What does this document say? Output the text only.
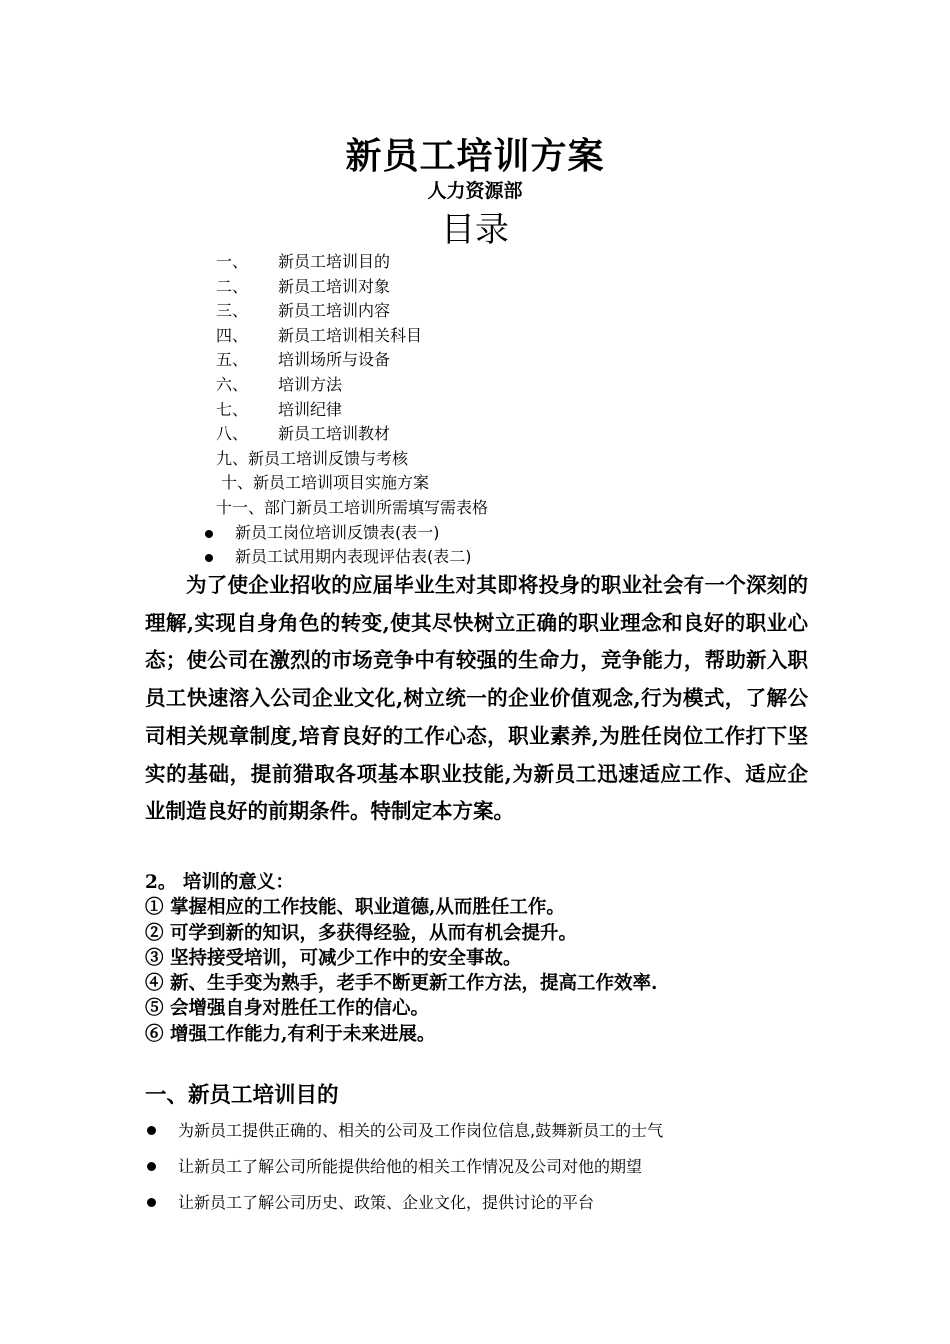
新员工培训方案
人力资源部
目录
一、 新员工培训目的
二、 新员工培训对象
三、 新员工培训内容
四、 新员工培训相关科目
五、 培训场所与设备
六、 培训方法
七、 培训纪律
八、 新员工培训教材
九、新员工培训反馈与考核
十、新员工培训项目实施方案
十一、部门新员工培训所需填写需表格
新员工岗位培训反馈表(表一)
新员工试用期内表现评估表(表二)

为了使企业招收的应届毕业生对其即将投身的职业社会有一个深刻的理解,实现自身角色的转变,使其尽快树立正确的职业理念和良好的职业心态；使公司在激烈的市场竞争中有较强的生命力，竞争能力，帮助新入职员工快速溶入公司企业文化,树立统一的企业价值观念,行为模式，了解公司相关规章制度,培育良好的工作心态，职业素养,为胜任岗位工作打下坚实的基础，提前猎取各项基本职业技能,为新员工迅速适应工作、适应企业制造良好的前期条件。特制定本方案。

2。 培训的意义：
① 掌握相应的工作技能、职业道德,从而胜任工作。
② 可学到新的知识，多获得经验，从而有机会提升。
③ 坚持接受培训，可减少工作中的安全事故。
④ 新、生手变为熟手，老手不断更新工作方法，提高工作效率.
⑤ 会增强自身对胜任工作的信心。
⑥ 增强工作能力,有利于未来进展。
一、新员工培训目的
为新员工提供正确的、相关的公司及工作岗位信息,鼓舞新员工的士气
让新员工了解公司所能提供给他的相关工作情况及公司对他的期望
让新员工了解公司历史、政策、企业文化，提供讨论的平台
